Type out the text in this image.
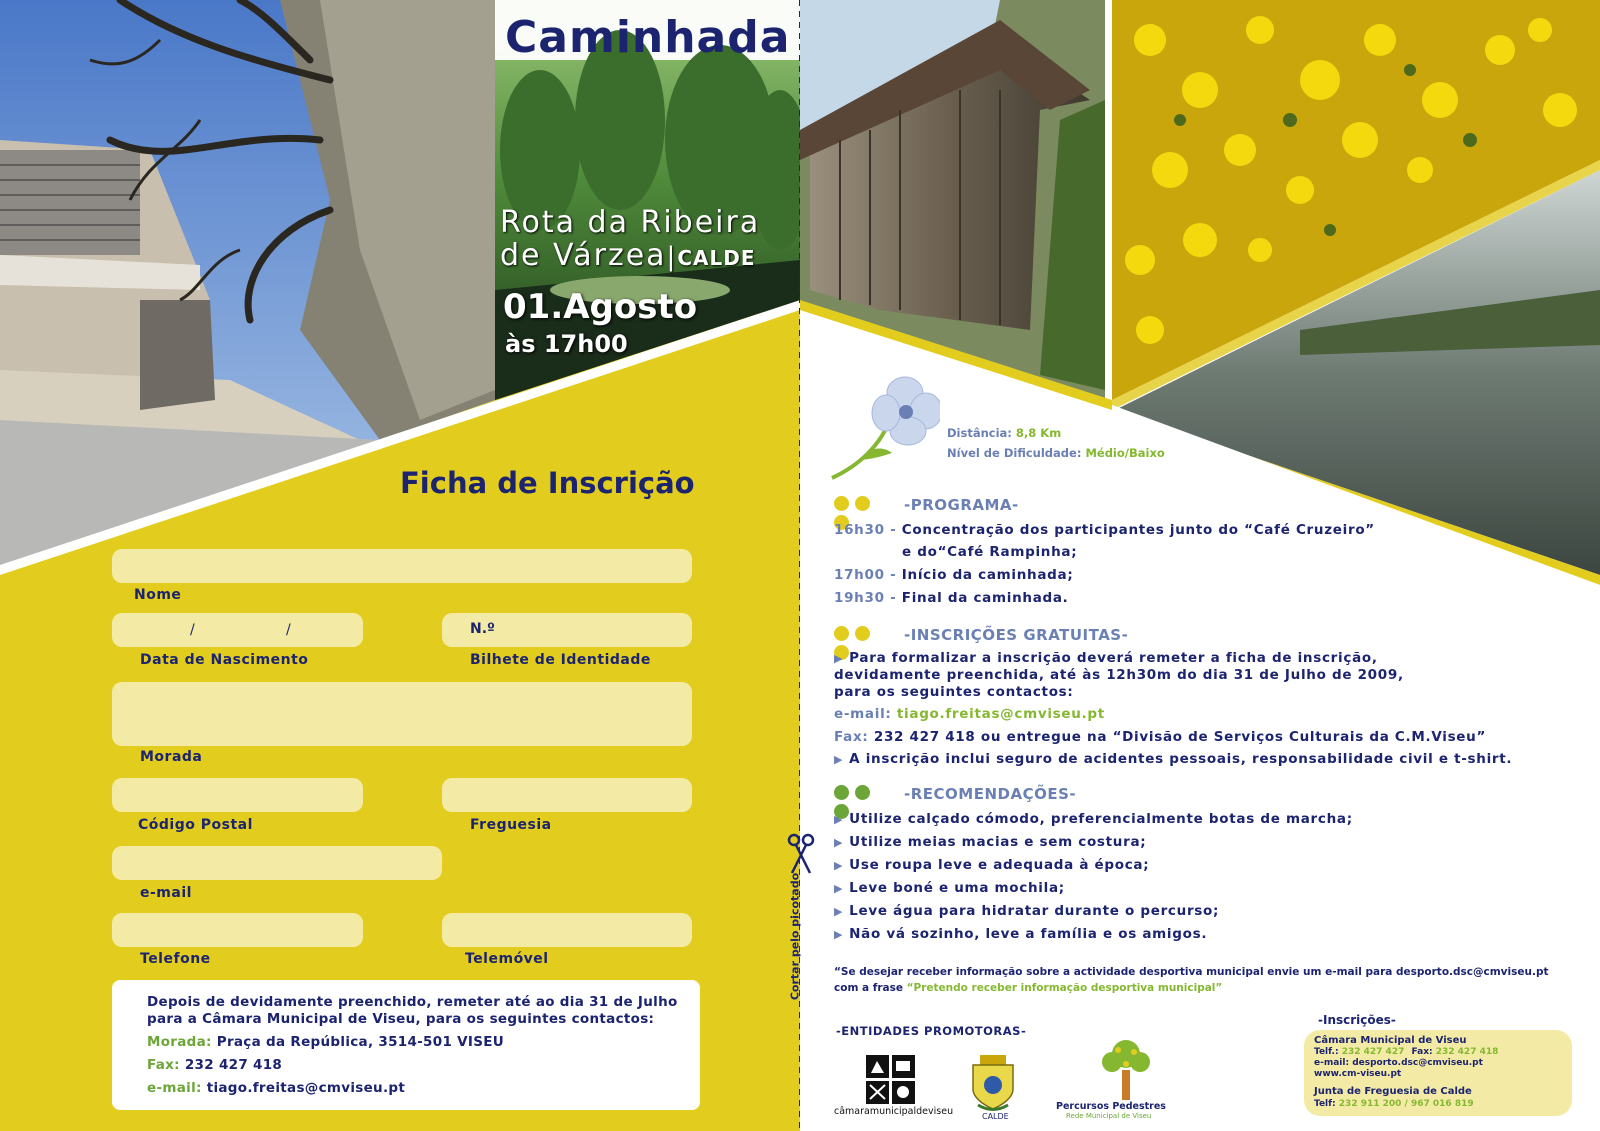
Caminhada
Rota da Ribeira
de Várzea|CALDE
01.Agosto
às 17h00
Ficha de Inscrição
Nome
/	/
Data de Nascimento
N.º
Bilhete de Identidade
Morada
Código Postal	Freguesia
e-mail
Telefone	Telemóvel
Depois de devidamente preenchido, remeter até ao dia 31 de Julho
para a Câmara Municipal de Viseu, para os seguintes contactos:
Morada: Praça da República, 3514-501 VISEU
Fax: 232 427 418
e-mail: tiago.freitas@cmviseu.pt
Cortar pelo picotado
Distância: 8,8 Km
Nível de Dificuldade: Médio/Baixo
-PROGRAMA-
16h30 - Concentração dos participantes junto do “Café Cruzeiro”
e do“Café Rampinha;
17h00 - Início da caminhada;
19h30 - Final da caminhada.
-INSCRIÇÕES GRATUITAS-
▶ Para formalizar a inscrição deverá remeter a ficha de inscrição,
devidamente preenchida, até às 12h30m do dia 31 de Julho de 2009,
para os seguintes contactos:
e-mail: tiago.freitas@cmviseu.pt
Fax: 232 427 418 ou entregue na “Divisão de Serviços Culturais da C.M.Viseu”
▶ A inscrição inclui seguro de acidentes pessoais, responsabilidade civil e t-shirt.
-RECOMENDAÇÕES-
▶ Utilize calçado cómodo, preferencialmente botas de marcha;
▶ Utilize meias macias e sem costura;
▶ Use roupa leve e adequada à época;
▶ Leve boné e uma mochila;
▶ Leve água para hidratar durante o percurso;
▶ Não vá sozinho, leve a família e os amigos.
“Se desejar receber informação sobre a actividade desportiva municipal envie um e-mail para desporto.dsc@cmviseu.pt
com a frase “Pretendo receber informação desportiva municipal”
-ENTIDADES PROMOTORAS-
câmaramunicipaldeviseu	CALDE
Percursos Pedestres
Rede Municipal de Viseu
-Inscrições-
Câmara Municipal de Viseu
Telf.: 232 427 427 Fax: 232 427 418
e-mail: desporto.dsc@cmviseu.pt
www.cm-viseu.pt
Junta de Freguesia de Calde
Telf: 232 911 200 / 967 016 819
